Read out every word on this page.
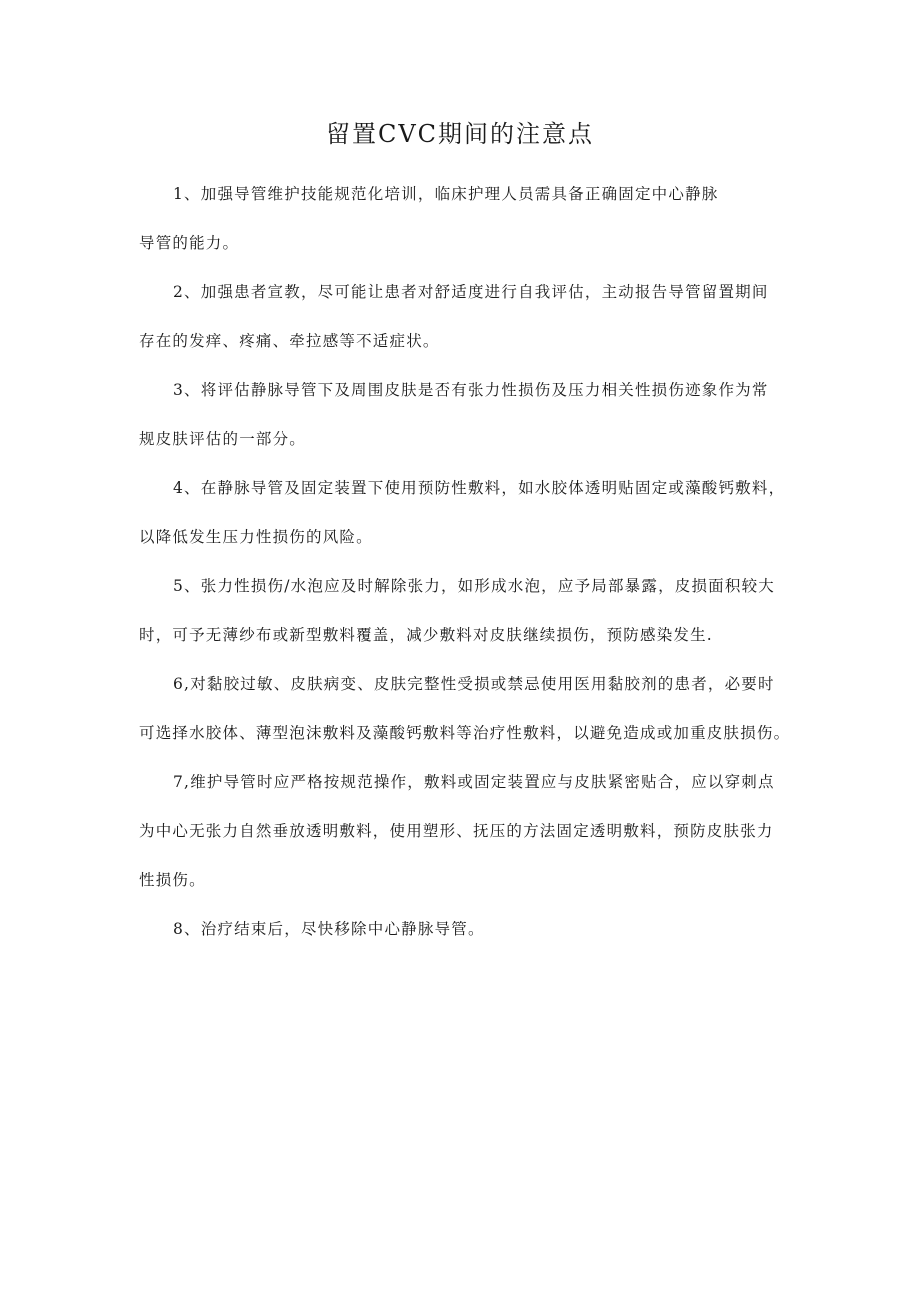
留置CVC期间的注意点

1、加强导管维护技能规范化培训，临床护理人员需具备正确固定中心静脉
导管的能力。

2、加强患者宣教，尽可能让患者对舒适度进行自我评估，主动报告导管留置期间
存在的发痒、疼痛、牵拉感等不适症状。

3、将评估静脉导管下及周围皮肤是否有张力性损伤及压力相关性损伤迹象作为常
规皮肤评估的一部分。

4、在静脉导管及固定装置下使用预防性敷料，如水胶体透明贴固定或藻酸钙敷料，
以降低发生压力性损伤的风险。

5、张力性损伤/水泡应及时解除张力，如形成水泡，应予局部暴露，皮损面积较大
时，可予无薄纱布或新型敷料覆盖，减少敷料对皮肤继续损伤，预防感染发生.

6,对黏胶过敏、皮肤病变、皮肤完整性受损或禁忌使用医用黏胶剂的患者，必要时
可选择水胶体、薄型泡沫敷料及藻酸钙敷料等治疗性敷料，以避免造成或加重皮肤损伤。

7,维护导管时应严格按规范操作，敷料或固定装置应与皮肤紧密贴合，应以穿刺点
为中心无张力自然垂放透明敷料，使用塑形、抚压的方法固定透明敷料，预防皮肤张力
性损伤。

8、治疗结束后，尽快移除中心静脉导管。
